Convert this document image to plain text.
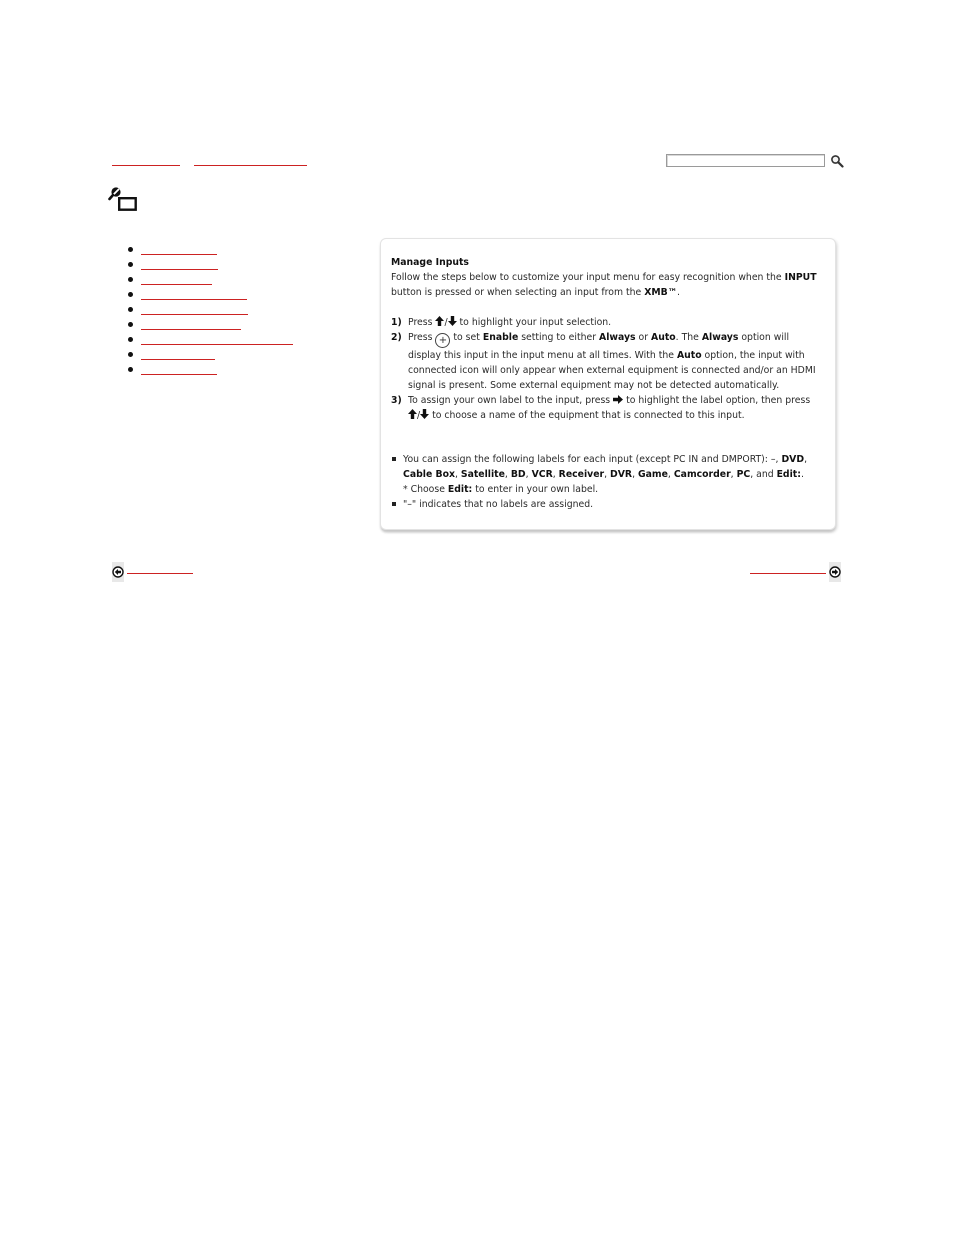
Manage Inputs

Follow the steps below to customize your input menu for easy recognition when the INPUT button is pressed or when selecting an input from the XMB™.

1) Press / to highlight your input selection.
2) Press + to set Enable setting to either Always or Auto. The Always option will display this input in the input menu at all times. With the Auto option, the input with connected icon will only appear when external equipment is connected and/or an HDMI signal is present. Some external equipment may not be detected automatically.
3) To assign your own label to the input, press  to highlight the label option, then press / to choose a name of the equipment that is connected to this input.
You can assign the following labels for each input (except PC IN and DMPORT): –, DVD, Cable Box, Satellite, BD, VCR, Receiver, DVR, Game, Camcorder, PC, and Edit:.
* Choose Edit: to enter in your own label.
"–" indicates that no labels are assigned.
